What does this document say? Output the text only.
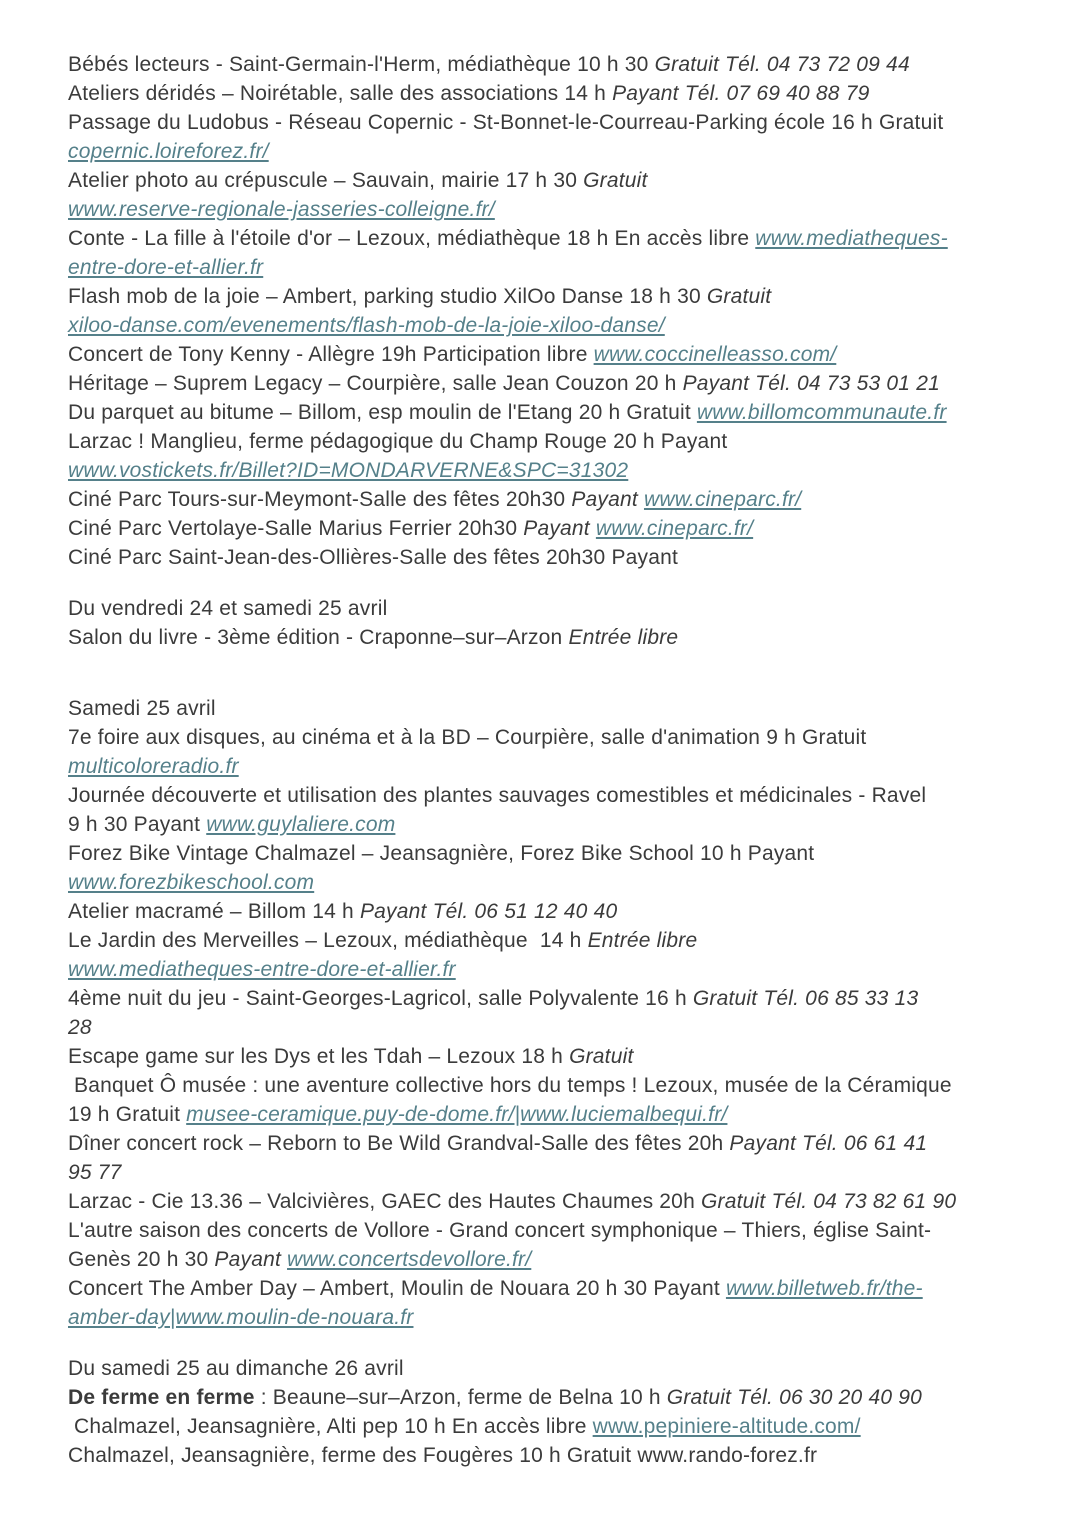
Bébés lecteurs - Saint-Germain-l'Herm, médiathèque 10 h 30 Gratuit Tél. 04 73 72 09 44

Ateliers déridés – Noirétable, salle des associations 14 h Payant Tél. 07 69 40 88 79

Passage du Ludobus - Réseau Copernic - St-Bonnet-le-Courreau-Parking école 16 h Gratuit
copernic.loireforez.fr/

Atelier photo au crépuscule – Sauvain, mairie 17 h 30 Gratuit
www.reserve-regionale-jasseries-colleigne.fr/

Conte - La fille à l'étoile d'or – Lezoux, médiathèque 18 h En accès libre www.mediatheques-
entre-dore-et-allier.fr

Flash mob de la joie – Ambert, parking studio XilOo Danse 18 h 30 Gratuit
xiloo-danse.com/evenements/flash-mob-de-la-joie-xiloo-danse/

Concert de Tony Kenny - Allègre 19h Participation libre www.coccinelleasso.com/

Héritage – Suprem Legacy – Courpière, salle Jean Couzon 20 h Payant Tél. 04 73 53 01 21

Du parquet au bitume – Billom, esp moulin de l'Etang 20 h Gratuit www.billomcommunaute.fr

Larzac ! Manglieu, ferme pédagogique du Champ Rouge 20 h Payant
www.vostickets.fr/Billet?ID=MONDARVERNE&SPC=31302

Ciné Parc Tours-sur-Meymont-Salle des fêtes 20h30 Payant www.cineparc.fr/

Ciné Parc Vertolaye-Salle Marius Ferrier 20h30 Payant www.cineparc.fr/

Ciné Parc Saint-Jean-des-Ollières-Salle des fêtes 20h30 Payant

Du vendredi 24 et samedi 25 avril

Salon du livre - 3ème édition - Craponne–sur–Arzon Entrée libre

Samedi 25 avril

7e foire aux disques, au cinéma et à la BD – Courpière, salle d'animation 9 h Gratuit
multicoloreradio.fr

Journée découverte et utilisation des plantes sauvages comestibles et médicinales - Ravel
9 h 30 Payant www.guylaliere.com

Forez Bike Vintage Chalmazel – Jeansagnière, Forez Bike School 10 h Payant
www.forezbikeschool.com

Atelier macramé – Billom 14 h Payant Tél. 06 51 12 40 40

Le Jardin des Merveilles – Lezoux, médiathèque  14 h Entrée libre
www.mediatheques-entre-dore-et-allier.fr

4ème nuit du jeu - Saint-Georges-Lagricol, salle Polyvalente 16 h Gratuit Tél. 06 85 33 13
28

Escape game sur les Dys et les Tdah – Lezoux 18 h Gratuit

Banquet Ô musée : une aventure collective hors du temps ! Lezoux, musée de la Céramique
19 h Gratuit musee-ceramique.puy-de-dome.fr/|www.luciemalbequi.fr/

Dîner concert rock – Reborn to Be Wild Grandval-Salle des fêtes 20h Payant Tél. 06 61 41
95 77

Larzac - Cie 13.36 – Valcivières, GAEC des Hautes Chaumes 20h Gratuit Tél. 04 73 82 61 90

L'autre saison des concerts de Vollore - Grand concert symphonique – Thiers, église Saint-
Genès 20 h 30 Payant www.concertsdevollore.fr/

Concert The Amber Day – Ambert, Moulin de Nouara 20 h 30 Payant www.billetweb.fr/the-
amber-day|www.moulin-de-nouara.fr

Du samedi 25 au dimanche 26 avril

De ferme en ferme : Beaune–sur–Arzon, ferme de Belna 10 h Gratuit Tél. 06 30 20 40 90

Chalmazel, Jeansagnière, Alti pep 10 h En accès libre www.pepiniere-altitude.com/

Chalmazel, Jeansagnière, ferme des Fougères 10 h Gratuit www.rando-forez.fr
